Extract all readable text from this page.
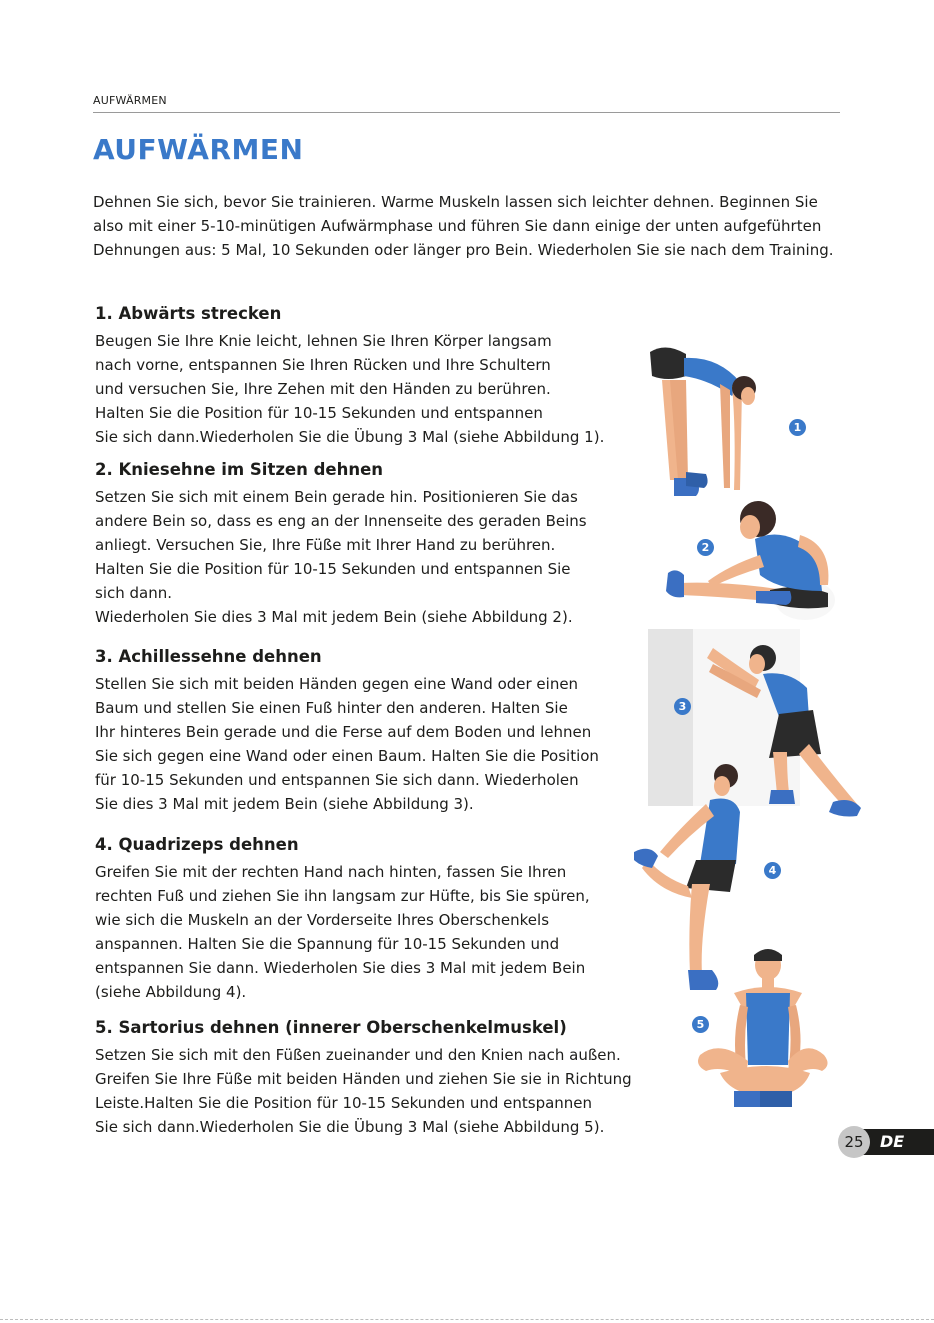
AUFWÄRMEN
AUFWÄRMEN

Dehnen Sie sich, bevor Sie trainieren. Warme Muskeln lassen sich leichter dehnen. Beginnen Sie also mit einer 5-10-minütigen Aufwärmphase und führen Sie dann einige der unten aufgeführten Dehnungen aus: 5 Mal, 10 Sekunden oder länger pro Bein. Wiederholen Sie sie nach dem Training.

1. Abwärts strecken
Beugen Sie Ihre Knie leicht, lehnen Sie Ihren Körper langsam
nach vorne, entspannen Sie Ihren Rücken und Ihre Schultern
und versuchen Sie, Ihre Zehen mit den Händen zu berühren.
Halten Sie die Position für 10-15 Sekunden und entspannen
Sie sich dann.Wiederholen Sie die Übung 3 Mal (siehe Abbildung 1).
2. Kniesehne im Sitzen dehnen
Setzen Sie sich mit einem Bein gerade hin. Positionieren Sie das
andere Bein so, dass es eng an der Innenseite des geraden Beins
anliegt. Versuchen Sie, Ihre Füße mit Ihrer Hand zu berühren.
Halten Sie die Position für 10-15 Sekunden und entspannen Sie
sich dann.
Wiederholen Sie dies 3 Mal mit jedem Bein (siehe Abbildung 2).
3. Achillessehne dehnen
Stellen Sie sich mit beiden Händen gegen eine Wand oder einen
Baum und stellen Sie einen Fuß hinter den anderen. Halten Sie
Ihr hinteres Bein gerade und die Ferse auf dem Boden und lehnen
Sie sich gegen eine Wand oder einen Baum. Halten Sie die Position
für 10-15 Sekunden und entspannen Sie sich dann. Wiederholen
Sie dies 3 Mal mit jedem Bein (siehe Abbildung 3).
4. Quadrizeps dehnen
Greifen Sie mit der rechten Hand nach hinten, fassen Sie Ihren
rechten Fuß und ziehen Sie ihn langsam zur Hüfte, bis Sie spüren,
wie sich die Muskeln an der Vorderseite Ihres Oberschenkels
anspannen. Halten Sie die Spannung für 10-15 Sekunden und
entspannen Sie dann. Wiederholen Sie dies 3 Mal mit jedem Bein
(siehe Abbildung 4).
5. Sartorius dehnen (innerer Oberschenkelmuskel)
Setzen Sie sich mit den Füßen zueinander und den Knien nach außen.
Greifen Sie Ihre Füße mit beiden Händen und ziehen Sie sie in Richtung
Leiste.Halten Sie die Position für 10-15 Sekunden und entspannen
Sie sich dann.Wiederholen Sie die Übung 3 Mal (siehe Abbildung 5).
1
2
3
4
5
25	DE
